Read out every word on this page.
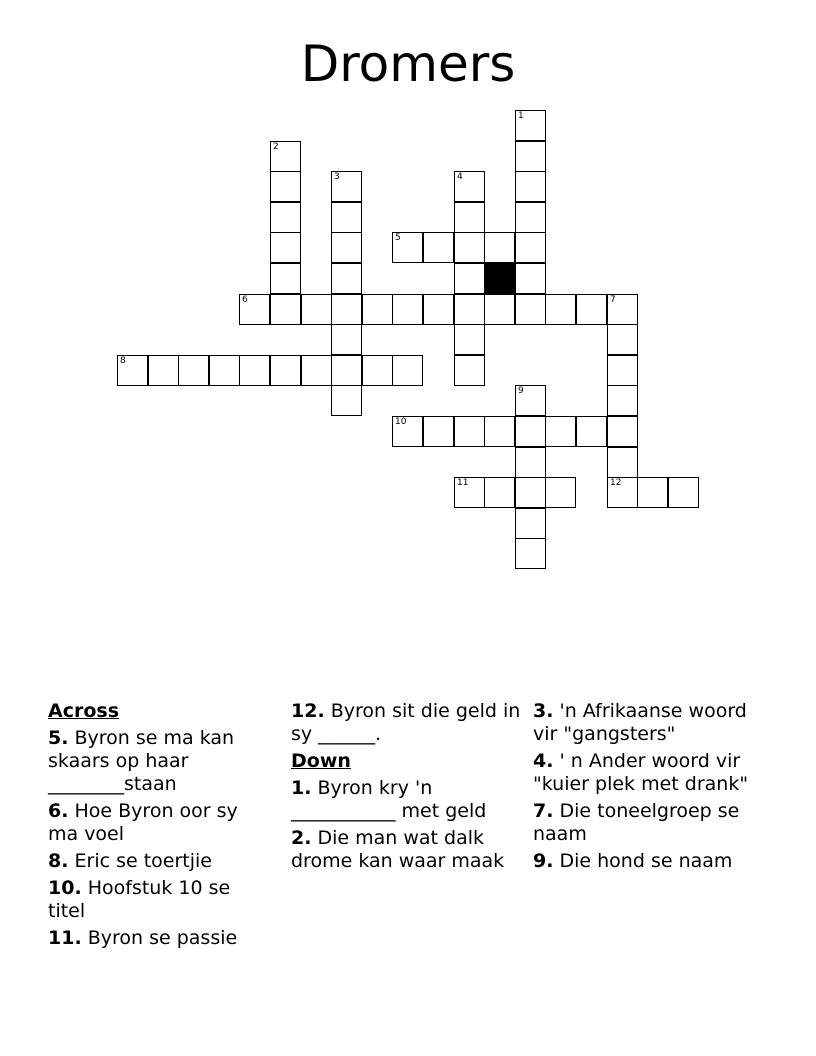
Dromers
1
2
3	4
5
6	7
12
8
9
10
11
Across
5. Byron se ma kan skaars op haar ________staan
6. Hoe Byron oor sy ma voel
8. Eric se toertjie
10. Hoofstuk 10 se titel
11. Byron se passie
12. Byron sit die geld in sy ______.
Down
1. Byron kry 'n ___________ met geld
2. Die man wat dalk drome kan waar maak
3. 'n Afrikaanse woord vir "gangsters"
4. ' n Ander woord vir "kuier plek met drank"
7. Die toneelgroep se naam
9. Die hond se naam
